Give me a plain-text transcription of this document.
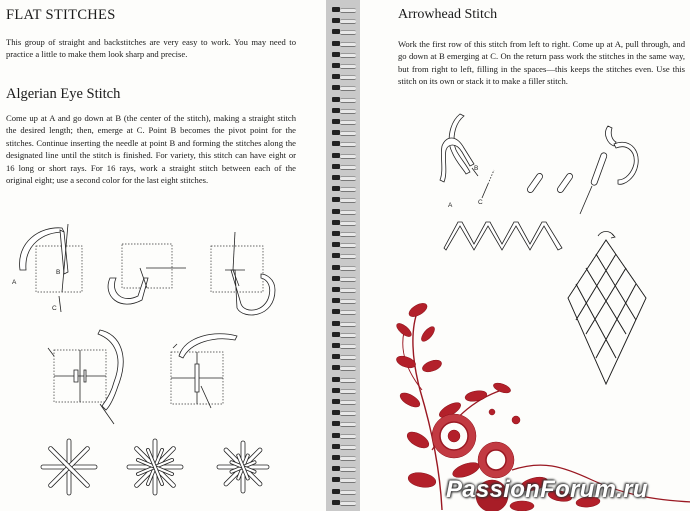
FLAT STITCHES

This group of straight and backstitches are very easy to work. You may need to practice a little to make them look sharp and precise.

Algerian Eye Stitch

Come up at A and go down at B (the center of the stitch), making a straight stitch the desired length; then, emerge at C. Point B becomes the pivot point for the stitches. Continue inserting the needle at point B and forming the stitches along the designated line until the stitch is finished. For variety, this stitch can have eight or 16 long or short rays. For 16 rays, work a straight stitch between each of the original eight; use a second color for the last eight stitches.

A
B
C
Arrowhead Stitch

Work the first row of this stitch from left to right. Come up at A, pull through, and go down at B emerging at C. On the return pass work the stitches in the same way, but from right to left, filling in the spaces—this keeps the stitches even. Use this stitch on its own or stack it to make a filler stitch.

A
B
C
PassionForum.ru
